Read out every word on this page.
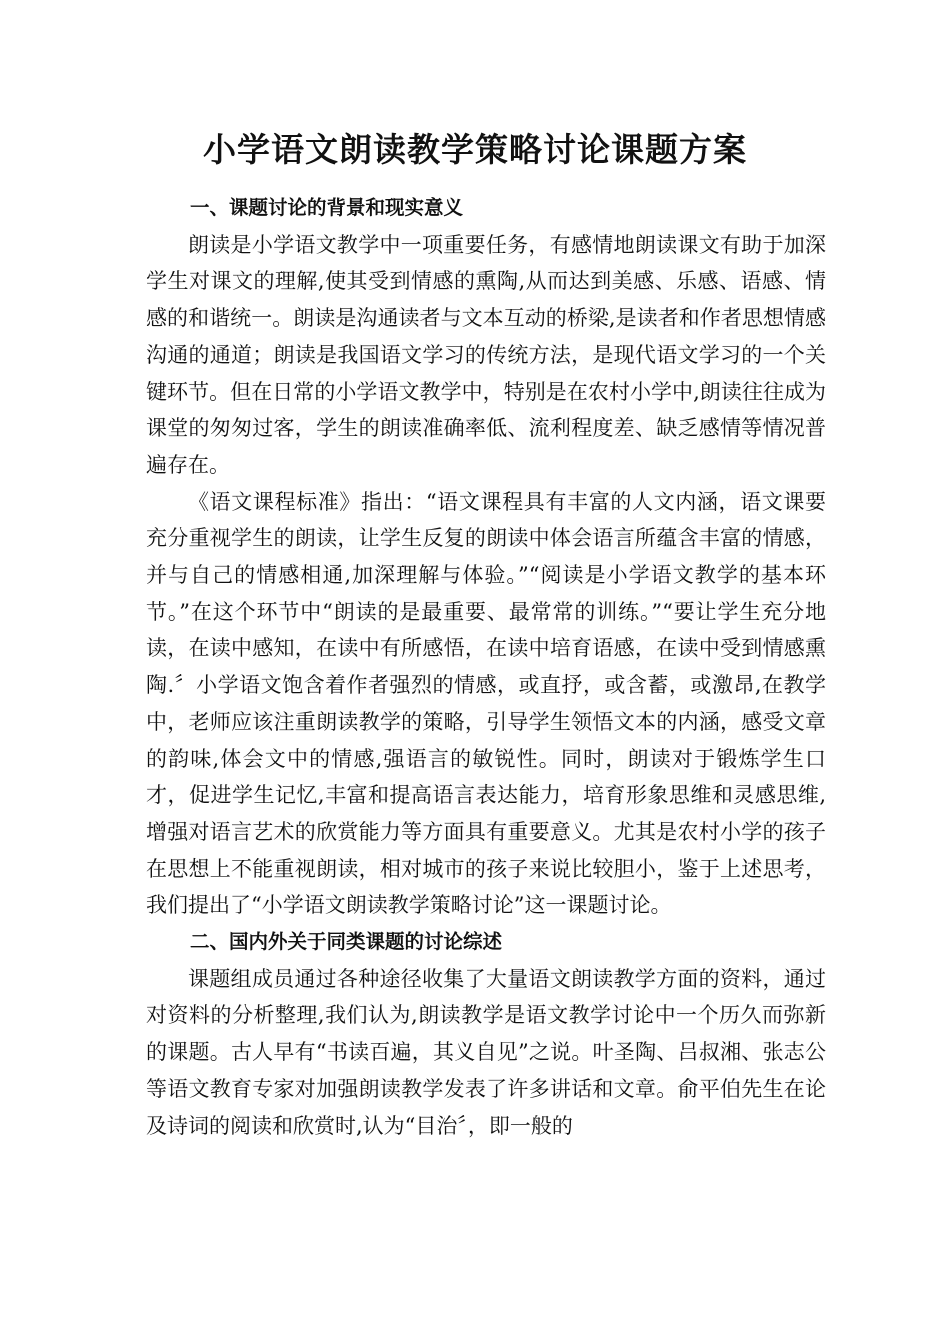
小学语文朗读教学策略讨论课题方案
一、课题讨论的背景和现实意义

朗读是小学语文教学中一项重要任务，有感情地朗读课文有助于加深学生对课文的理解,使其受到情感的熏陶,从而达到美感、乐感、语感、情感的和谐统一。朗读是沟通读者与文本互动的桥梁,是读者和作者思想情感沟通的通道；朗读是我国语文学习的传统方法，是现代语文学习的一个关键环节。但在日常的小学语文教学中，特别是在农村小学中,朗读往往成为课堂的匆匆过客，学生的朗读准确率低、流利程度差、缺乏感情等情况普遍存在。

《语文课程标准》指出：“语文课程具有丰富的人文内涵，语文课要充分重视学生的朗读，让学生反复的朗读中体会语言所蕴含丰富的情感，并与自己的情感相通,加深理解与体验。”“阅读是小学语文教学的基本环节。”在这个环节中“朗读的是最重要、最常常的训练。”“要让学生充分地读，在读中感知，在读中有所感悟，在读中培育语感，在读中受到情感熏陶.〞小学语文饱含着作者强烈的情感，或直抒，或含蓄，或激昂,在教学中，老师应该注重朗读教学的策略，引导学生领悟文本的内涵，感受文章的韵味,体会文中的情感,强语言的敏锐性。同时，朗读对于锻炼学生口才，促进学生记忆,丰富和提高语言表达能力，培育形象思维和灵感思维,增强对语言艺术的欣赏能力等方面具有重要意义。尤其是农村小学的孩子在思想上不能重视朗读，相对城市的孩子来说比较胆小，鉴于上述思考，我们提出了“小学语文朗读教学策略讨论”这一课题讨论。

二、国内外关于同类课题的讨论综述

课题组成员通过各种途径收集了大量语文朗读教学方面的资料，通过对资料的分析整理,我们认为,朗读教学是语文教学讨论中一个历久而弥新的课题。古人早有“书读百遍，其义自见”之说。叶圣陶、吕叔湘、张志公等语文教育专家对加强朗读教学发表了许多讲话和文章。俞平伯先生在论及诗词的阅读和欣赏时,认为“目治〞，即一般的
